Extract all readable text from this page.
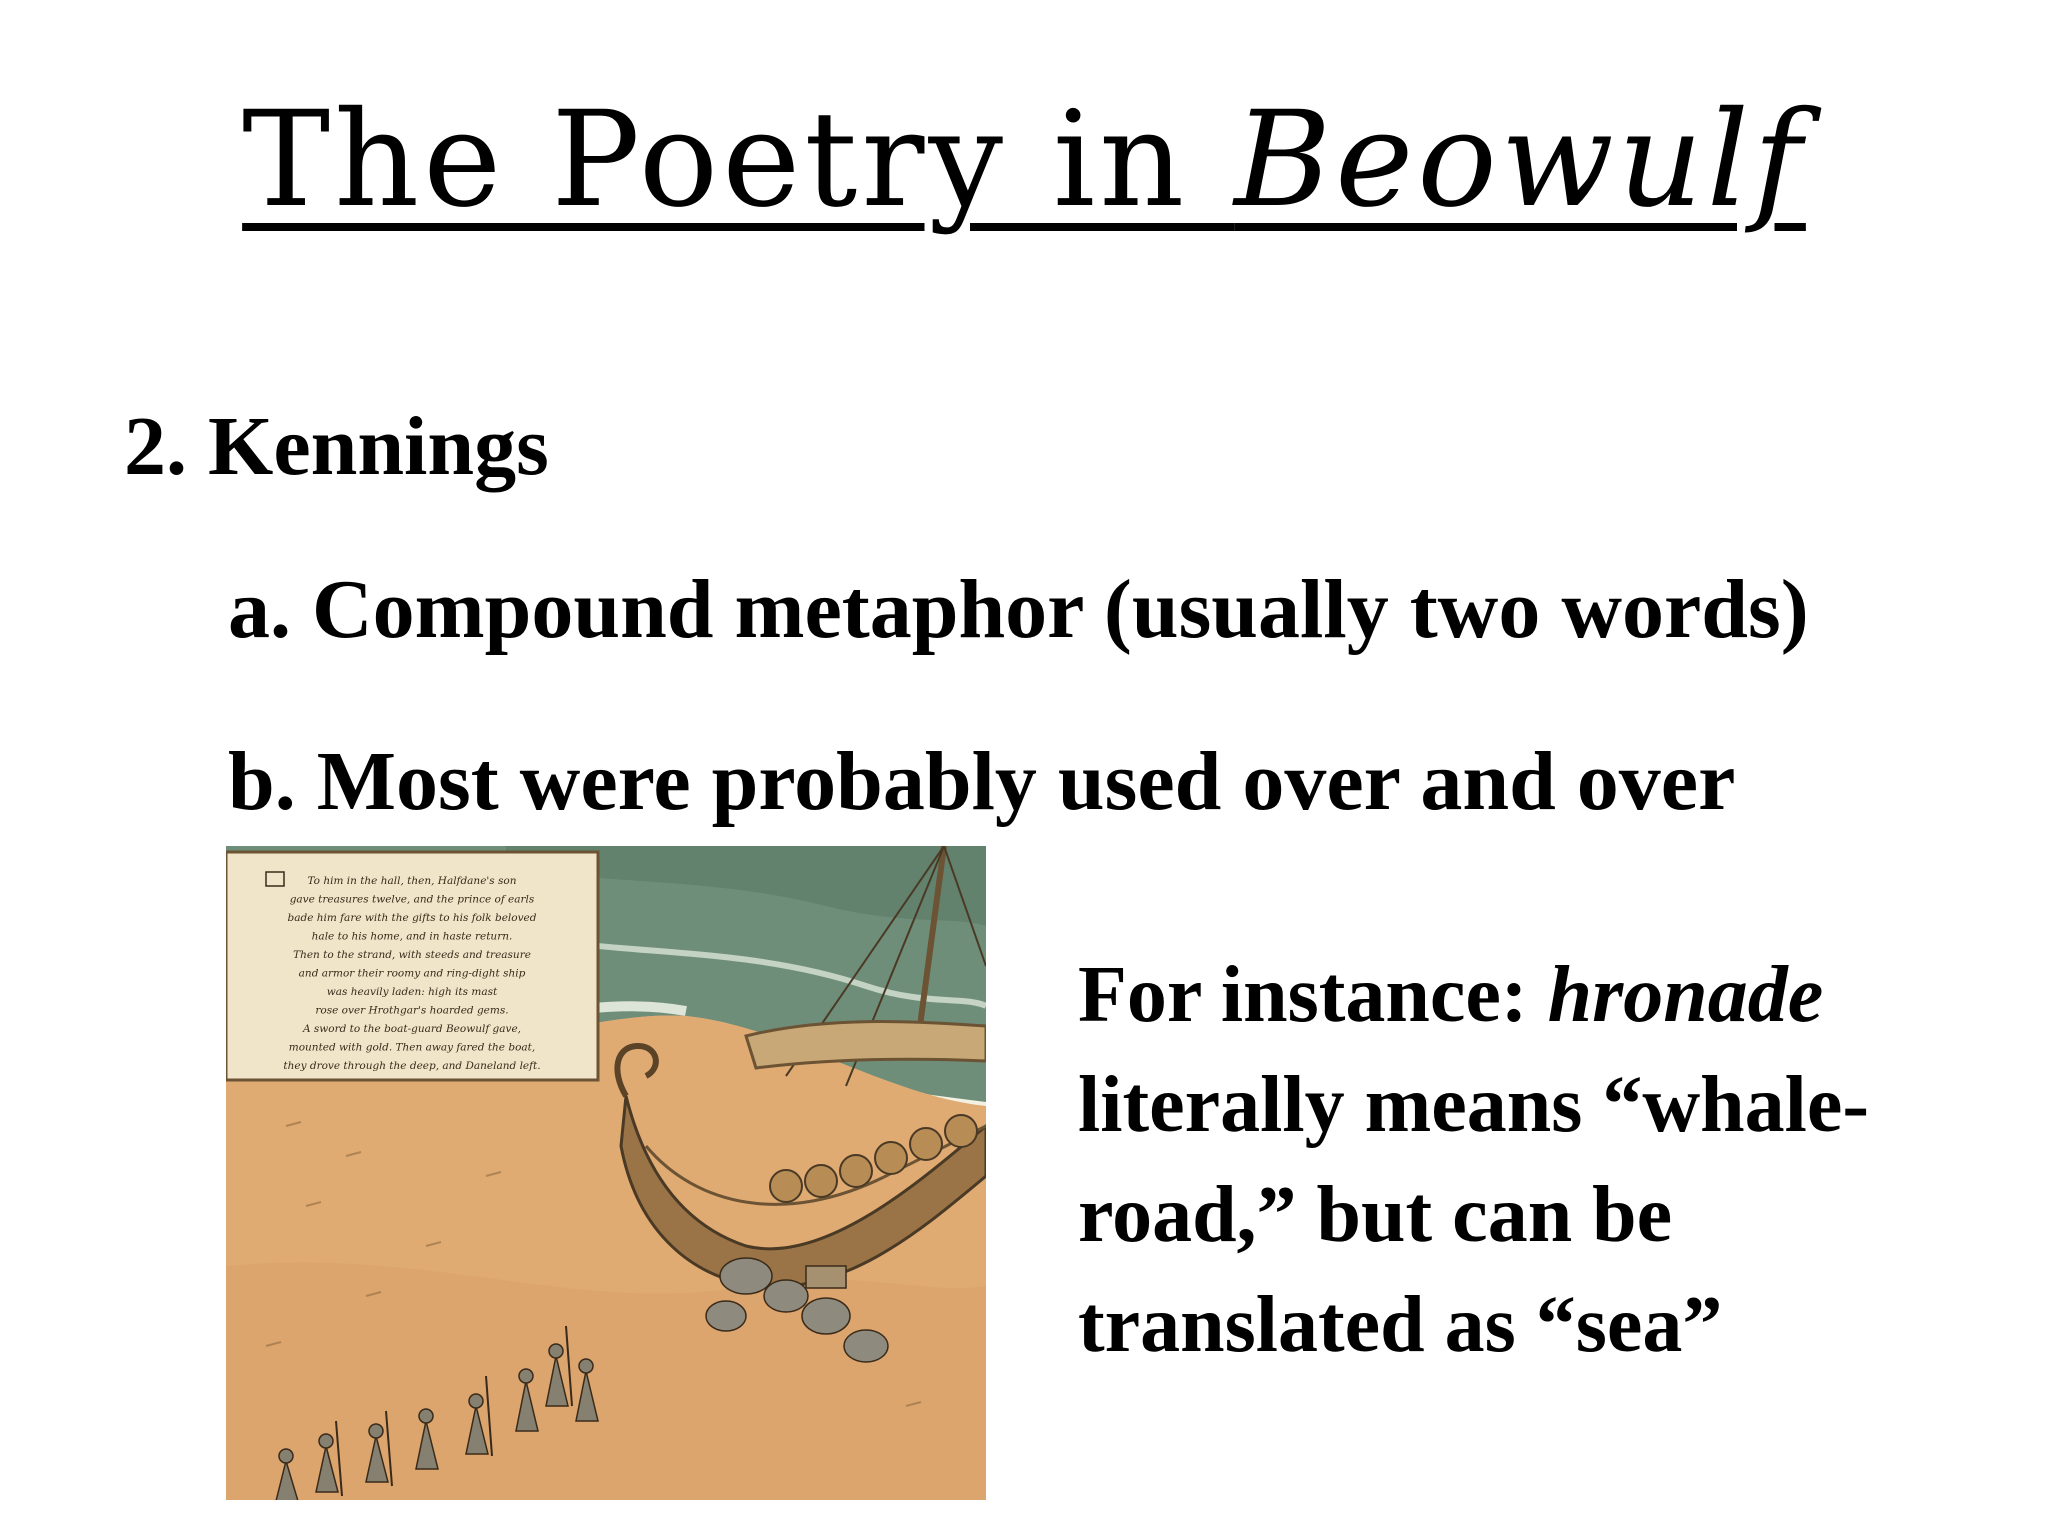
The Poetry in Beowulf
2. Kennings
a. Compound metaphor (usually two words)
b. Most were probably used over and over
To him in the hall, then, Halfdane's son
gave treasures twelve, and the prince of earls
bade him fare with the gifts to his folk beloved
hale to his home, and in haste return.
Then to the strand, with steeds and treasure
and armor their roomy and ring-dight ship
was heavily laden: high its mast
rose over Hrothgar's hoarded gems.
A sword to the boat-guard Beowulf gave,
mounted with gold. Then away fared the boat,
they drove through the deep, and Daneland left.
For instance: hronade literally means “whale-road,” but can be translated as “sea”
